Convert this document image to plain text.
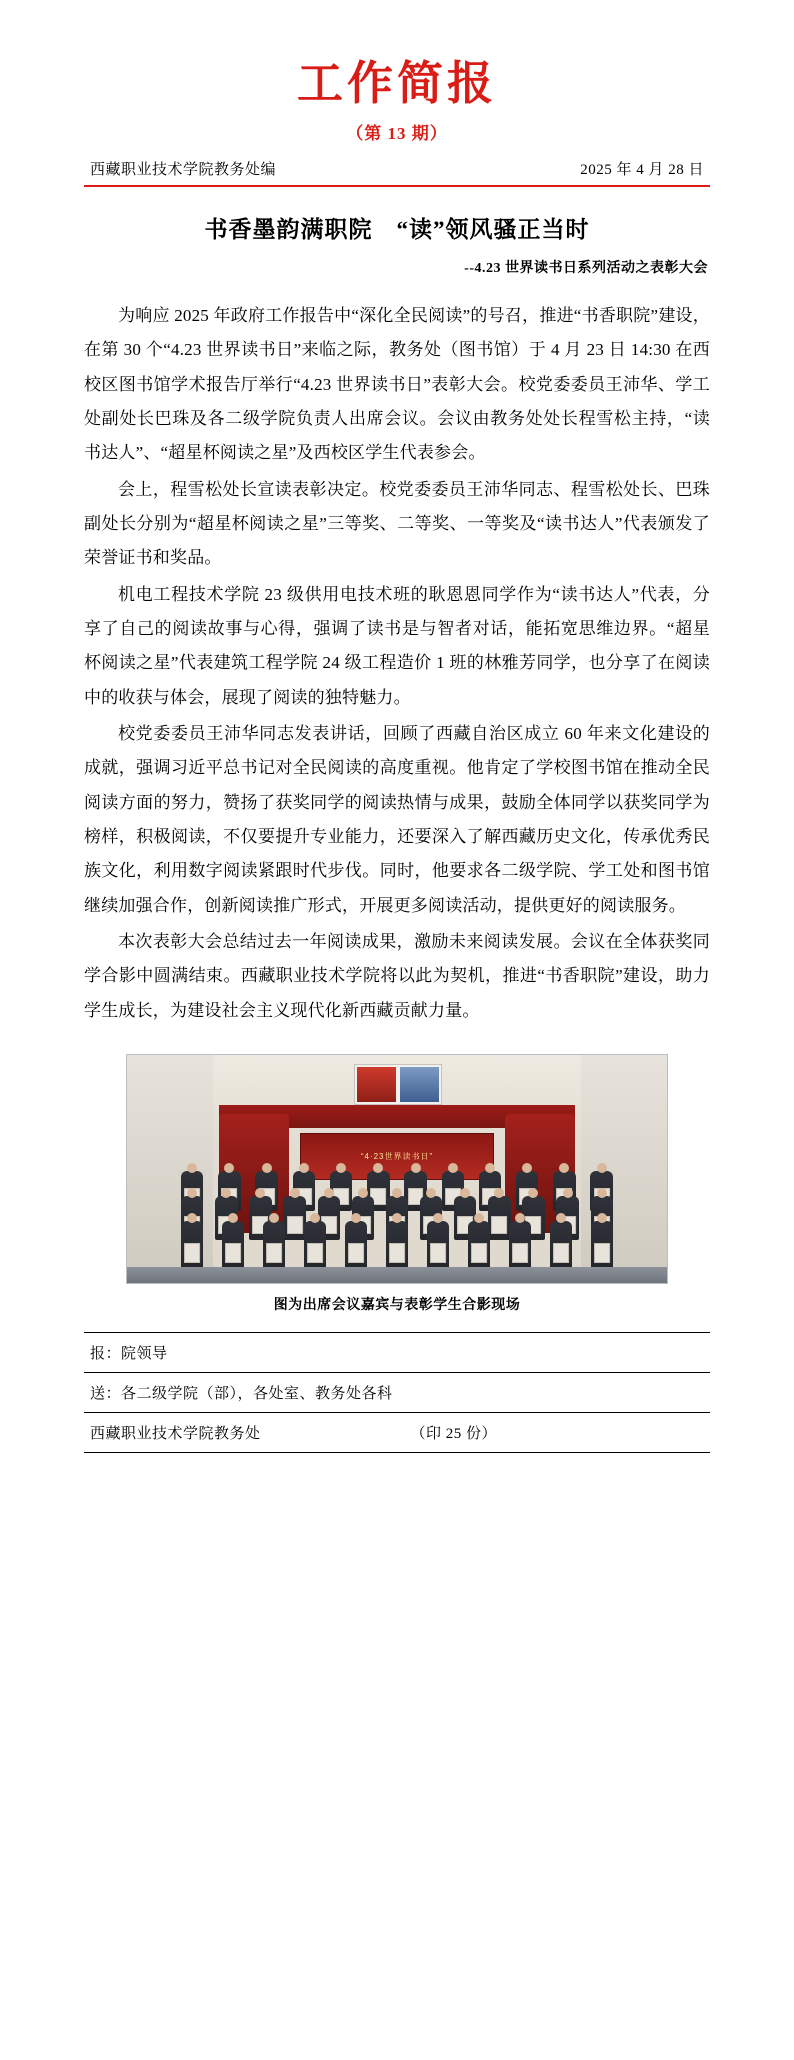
工作简报
（第 13 期）
西藏职业技术学院教务处编	2025 年 4 月 28 日
书香墨韵满职院　“读”领风骚正当时
--4.23 世界读书日系列活动之表彰大会

为响应 2025 年政府工作报告中“深化全民阅读”的号召，推进“书香职院”建设，在第 30 个“4.23 世界读书日”来临之际，教务处（图书馆）于 4 月 23 日 14:30 在西校区图书馆学术报告厅举行“4.23 世界读书日”表彰大会。校党委委员王沛华、学工处副处长巴珠及各二级学院负责人出席会议。会议由教务处处长程雪松主持，“读书达人”、“超星杯阅读之星”及西校区学生代表参会。

会上，程雪松处长宣读表彰决定。校党委委员王沛华同志、程雪松处长、巴珠副处长分别为“超星杯阅读之星”三等奖、二等奖、一等奖及“读书达人”代表颁发了荣誉证书和奖品。

机电工程技术学院 23 级供用电技术班的耿恩恩同学作为“读书达人”代表，分享了自己的阅读故事与心得，强调了读书是与智者对话，能拓宽思维边界。“超星杯阅读之星”代表建筑工程学院 24 级工程造价 1 班的林雅芳同学，也分享了在阅读中的收获与体会，展现了阅读的独特魅力。

校党委委员王沛华同志发表讲话，回顾了西藏自治区成立 60 年来文化建设的成就，强调习近平总书记对全民阅读的高度重视。他肯定了学校图书馆在推动全民阅读方面的努力，赞扬了获奖同学的阅读热情与成果，鼓励全体同学以获奖同学为榜样，积极阅读，不仅要提升专业能力，还要深入了解西藏历史文化，传承优秀民族文化，利用数字阅读紧跟时代步伐。同时，他要求各二级学院、学工处和图书馆继续加强合作，创新阅读推广形式，开展更多阅读活动，提供更好的阅读服务。

本次表彰大会总结过去一年阅读成果，激励未来阅读发展。会议在全体获奖同学合影中圆满结束。西藏职业技术学院将以此为契机，推进“书香职院”建设，助力学生成长，为建设社会主义现代化新西藏贡献力量。

“4·23世界读书日”
图为出席会议嘉宾与表彰学生合影现场
报：院领导
送：各二级学院（部），各处室、教务处各科
西藏职业技术学院教务处	（印 25 份）
